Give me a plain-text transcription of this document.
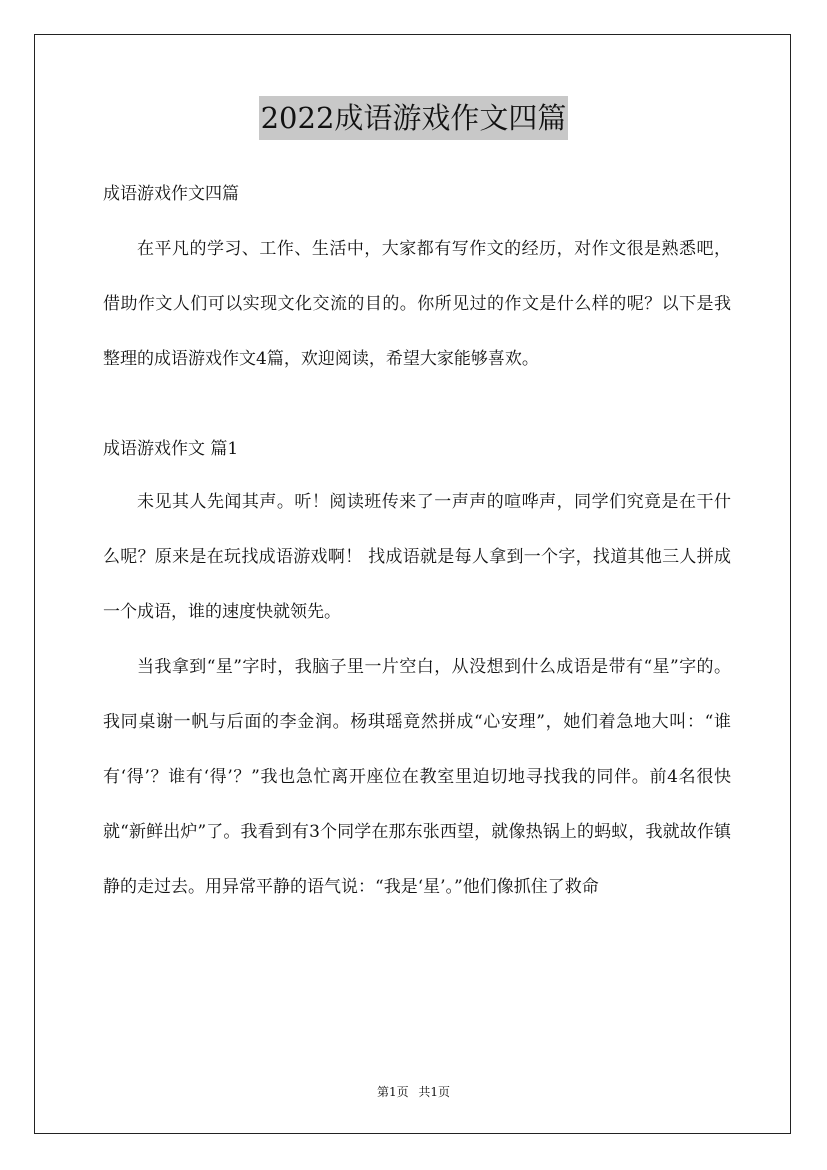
2022成语游戏作文四篇

成语游戏作文四篇

在平凡的学习、工作、生活中，大家都有写作文的经历，对作文很是熟悉吧，借助作文人们可以实现文化交流的目的。你所见过的作文是什么样的呢？以下是我整理的成语游戏作文4篇，欢迎阅读，希望大家能够喜欢。

成语游戏作文 篇1

未见其人先闻其声。听！阅读班传来了一声声的喧哗声，同学们究竟是在干什么呢？原来是在玩找成语游戏啊！ 找成语就是每人拿到一个字，找道其他三人拼成一个成语，谁的速度快就领先。

当我拿到“星”字时，我脑子里一片空白，从没想到什么成语是带有“星”字的。我同桌谢一帆与后面的李金润。杨琪瑶竟然拼成“心安理”，她们着急地大叫：“谁有‘得’？谁有‘得’？”我也急忙离开座位在教室里迫切地寻找我的同伴。前4名很快就“新鲜出炉”了。我看到有3个同学在那东张西望，就像热锅上的蚂蚁，我就故作镇静的走过去。用异常平静的语气说：“我是‘星’。”他们像抓住了救命

第1页 共1页
